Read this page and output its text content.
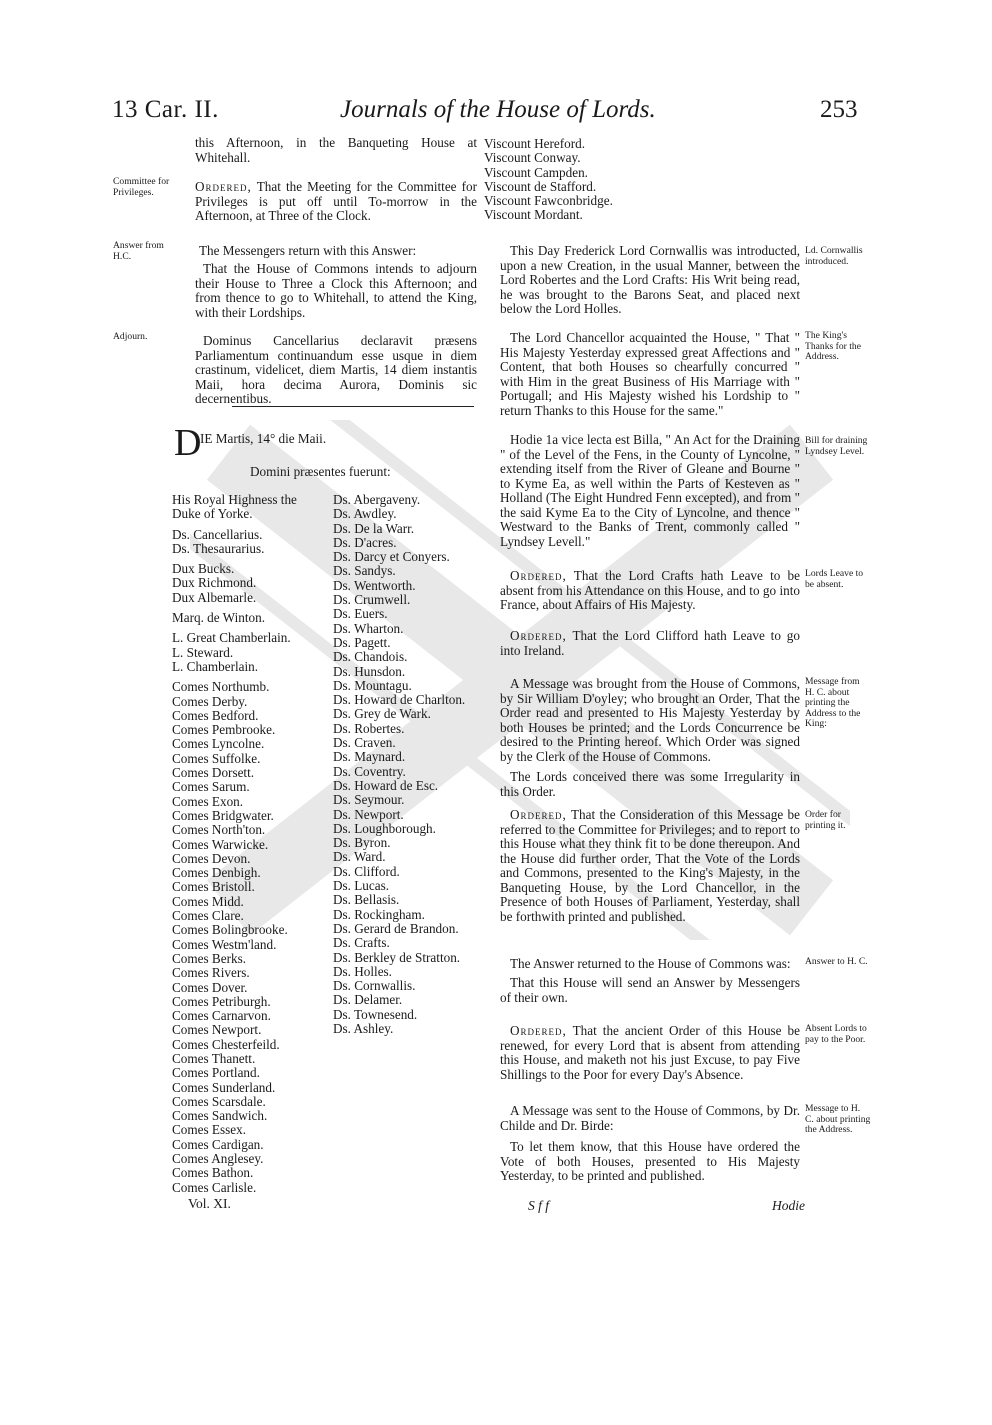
13 Car. II.	Journals of the House of Lords.	253
this Afternoon, in the Banqueting House at Whitehall.
Committee for Privileges.	Ordered, That the Meeting for the Committee for Privileges is put off until To-morrow in the Afternoon, at Three of the Clock.
Answer from H.C.	The Messengers return with this Answer:
That the House of Commons intends to adjourn their House to Three a Clock this Afternoon; and from thence to go to Whitehall, to attend the King, with their Lordships.
Adjourn.	Dominus Cancellarius declaravit præsens Parliamentum continuandum esse usque in diem crastinum, videlicet, diem Martis, 14 diem instantis Maii, hora decima Aurora, Dominis sic decernentibus.
D
IE Martis, 14° die Maii.
Domini præsentes fuerunt:
His Royal Highness the
Duke of Yorke.
Ds. Cancellarius.
Ds. Thesaurarius.
Dux Bucks.
Dux Richmond.
Dux Albemarle.
Marq. de Winton.
L. Great Chamberlain.
L. Steward.
L. Chamberlain.
Comes Northumb.
Comes Derby.
Comes Bedford.
Comes Pembrooke.
Comes Lyncolne.
Comes Suffolke.
Comes Dorsett.
Comes Sarum.
Comes Exon.
Comes Bridgwater.
Comes North'ton.
Comes Warwicke.
Comes Devon.
Comes Denbigh.
Comes Bristoll.
Comes Midd.
Comes Clare.
Comes Bolingbrooke.
Comes Westm'land.
Comes Berks.
Comes Rivers.
Comes Dover.
Comes Petriburgh.
Comes Carnarvon.
Comes Newport.
Comes Chesterfeild.
Comes Thanett.
Comes Portland.
Comes Sunderland.
Comes Scarsdale.
Comes Sandwich.
Comes Essex.
Comes Cardigan.
Comes Anglesey.
Comes Bathon.
Comes Carlisle.
Ds. Abergaveny.
Ds. Awdley.
Ds. De la Warr.
Ds. D'acres.
Ds. Darcy et Conyers.
Ds. Sandys.
Ds. Wentworth.
Ds. Crumwell.
Ds. Euers.
Ds. Wharton.
Ds. Pagett.
Ds. Chandois.
Ds. Hunsdon.
Ds. Mountagu.
Ds. Howard de Charlton.
Ds. Grey de Wark.
Ds. Robertes.
Ds. Craven.
Ds. Maynard.
Ds. Coventry.
Ds. Howard de Esc.
Ds. Seymour.
Ds. Newport.
Ds. Loughborough.
Ds. Byron.
Ds. Ward.
Ds. Clifford.
Ds. Lucas.
Ds. Bellasis.
Ds. Rockingham.
Ds. Gerard de Brandon.
Ds. Crafts.
Ds. Berkley de Stratton.
Ds. Holles.
Ds. Cornwallis.
Ds. Delamer.
Ds. Townesend.
Ds. Ashley.
Viscount Hereford.
Viscount Conway.
Viscount Campden.
Viscount de Stafford.
Viscount Fawconbridge.
Viscount Mordant.
This Day Frederick Lord Cornwallis was introducted, upon a new Creation, in the usual Manner, between the Lord Robertes and the Lord Crafts: His Writ being read, he was brought to the Barons Seat, and placed next below the Lord Holles.
Ld. Cornwallis introduced.
The Lord Chancellor acquainted the House, " That " His Majesty Yesterday expressed great Affections and " Content, that both Houses so chearfully concurred " with Him in the great Business of His Marriage with " Portugall; and His Majesty wished his Lordship to " return Thanks to this House for the same."
The King's Thanks for the Address.
Hodie 1a vice lecta est Billa, " An Act for the Draining " of the Level of the Fens, in the County of Lyncolne, " extending itself from the River of Gleane and Bourne " to Kyme Ea, as well within the Parts of Kesteven as " Holland (The Eight Hundred Fenn excepted), and from " the said Kyme Ea to the City of Lyncolne, and thence " Westward to the Banks of Trent, commonly called " Lyndsey Levell."
Bill for draining Lyndsey Level.
Ordered, That the Lord Crafts hath Leave to be absent from his Attendance on this House, and to go into France, about Affairs of His Majesty.
Lords Leave to be absent.
Ordered, That the Lord Clifford hath Leave to go into Ireland.
A Message was brought from the House of Commons, by Sir William D'oyley; who brought an Order, That the Order read and presented to His Majesty Yesterday by both Houses be printed; and the Lords Concurrence be desired to the Printing hereof. Which Order was signed by the Clerk of the House of Commons.
Message from H. C. about printing the Address to the King:
The Lords conceived there was some Irregularity in this Order.
Ordered, That the Consideration of this Message be referred to the Committee for Privileges; and to report to this House what they think fit to be done thereupon. And the House did further order, That the Vote of the Lords and Commons, presented to the King's Majesty, in the Banqueting House, by the Lord Chancellor, in the Presence of both Houses of Parliament, Yesterday, shall be forthwith printed and published.
Order for printing it.
The Answer returned to the House of Commons was:	Answer to H. C.
That this House will send an Answer by Messengers of their own.
Ordered, That the ancient Order of this House be renewed, for every Lord that is absent from attending this House, and maketh not his just Excuse, to pay Five Shillings to the Poor for every Day's Absence.
Absent Lords to pay to the Poor.
A Message was sent to the House of Commons, by Dr. Childe and Dr. Birde:
Message to H. C. about printing the Address.
To let them know, that this House have ordered the Vote of both Houses, presented to His Majesty Yesterday, to be printed and published.
Vol. XI.	S f f	Hodie
